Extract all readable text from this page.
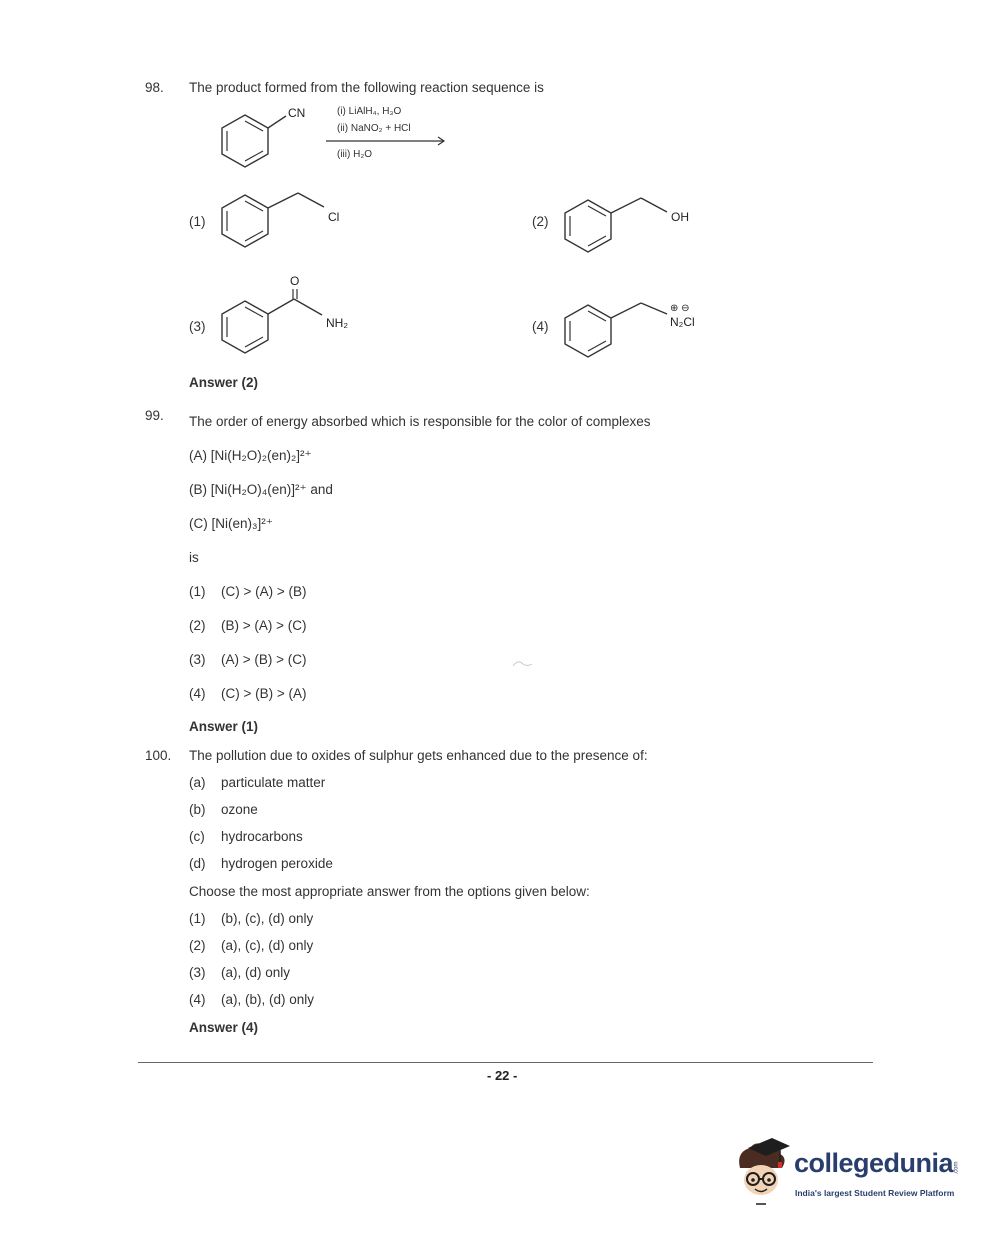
98. The product formed from the following reaction sequence is
CN	(i) LiAlH₄, H₃O
(ii) NaNO₂ + HCl
(iii) H₂O
(1)	Cl	(2)	OH
(3)
O
NH₂	(4)
⊕ ⊖
N₂Cl
Answer (2)
99. The order of energy absorbed which is responsible for the color of complexes
(A) [Ni(H₂O)₂(en)₂]²⁺
(B) [Ni(H₂O)₄(en)]²⁺ and
(C) [Ni(en)₃]²⁺
is
(1) (C) > (A) > (B)
(2) (B) > (A) > (C)
(3) (A) > (B) > (C)
(4) (C) > (B) > (A)
Answer (1)
100. The pollution due to oxides of sulphur gets enhanced due to the presence of:
(a) particulate matter
(b) ozone
(c) hydrocarbons
(d) hydrogen peroxide
Choose the most appropriate answer from the options given below:
(1) (b), (c), (d) only
(2) (a), (c), (d) only
(3) (a), (d) only
(4) (a), (b), (d) only
Answer (4)
- 22 -
collegedunia .com
India's largest Student Review Platform
